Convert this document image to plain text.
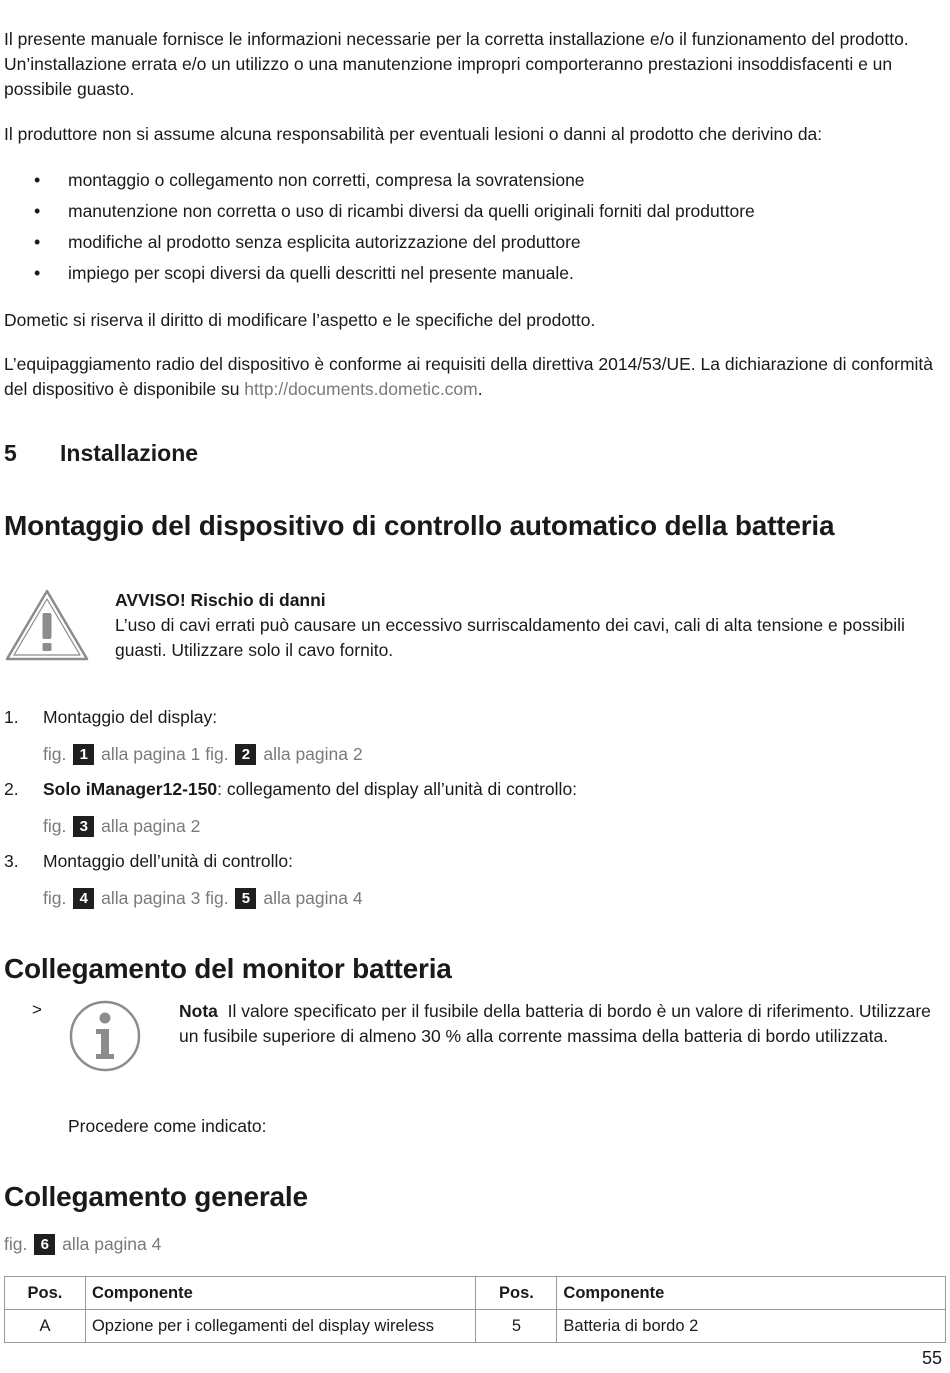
Il presente manuale fornisce le informazioni necessarie per la corretta installazione e/o il funzionamento del prodotto. Un’installazione errata e/o un utilizzo o una manutenzione impropri comporteranno prestazioni insoddisfacenti e un possibile guasto.

Il produttore non si assume alcuna responsabilità per eventuali lesioni o danni al prodotto che derivino da:

• montaggio o collegamento non corretti, compresa la sovratensione
• manutenzione non corretta o uso di ricambi diversi da quelli originali forniti dal produttore
• modifiche al prodotto senza esplicita autorizzazione del produttore
• impiego per scopi diversi da quelli descritti nel presente manuale.

Dometic si riserva il diritto di modificare l’aspetto e le specifiche del prodotto.

L’equipaggiamento radio del dispositivo è conforme ai requisiti della direttiva 2014/53/UE. La dichiarazione di conformità del dispositivo è disponibile su http://documents.dometic.com.

5 Installazione
Montaggio del dispositivo di controllo automatico della batteria
AVVISO! Rischio di danni
L’uso di cavi errati può causare un eccessivo surriscaldamento dei cavi, cali di alta tensione e possibili guasti. Utilizzare solo il cavo fornito.
1. Montaggio del display:
fig. 1 alla pagina 1 fig. 2 alla pagina 2
2. Solo iManager12-150: collegamento del display all’unità di controllo:
fig. 3 alla pagina 2
3. Montaggio dell’unità di controllo:
fig. 4 alla pagina 3 fig. 5 alla pagina 4
Collegamento del monitor batteria
>	Nota Il valore specificato per il fusibile della batteria di bordo è un valore di riferimento. Utilizzare un fusibile superiore di almeno 30 % alla corrente massima della batteria di bordo utilizzata.

Procedere come indicato:

Collegamento generale
fig. 6 alla pagina 4
Pos.	Componente	Pos.	Componente
A	Opzione per i collegamenti del display wireless	5	Batteria di bordo 2
55
